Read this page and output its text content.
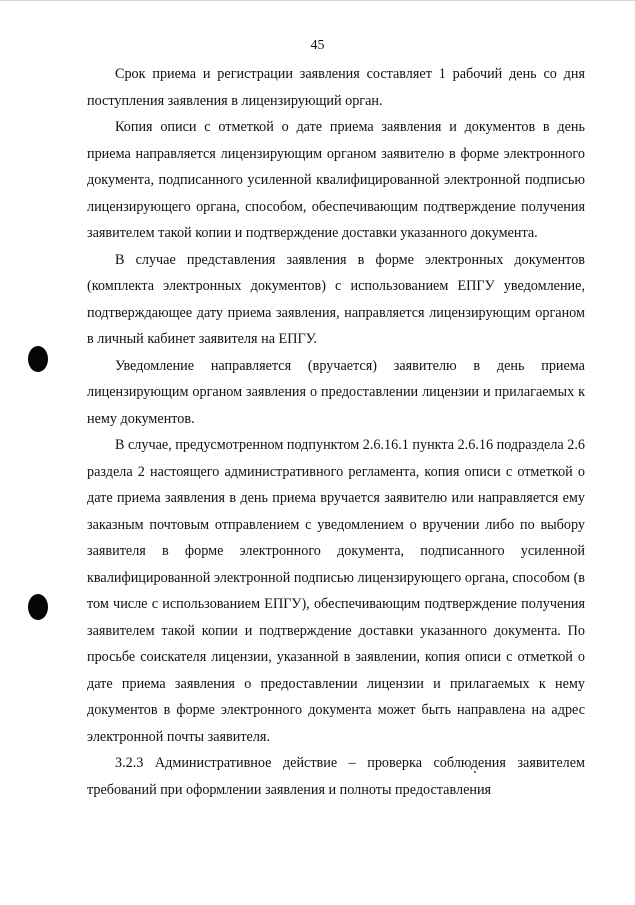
45

Срок приема и регистрации заявления составляет 1 рабочий день со дня поступления заявления в лицензирующий орган.

Копия описи с отметкой о дате приема заявления и документов в день приема направляется лицензирующим органом заявителю в форме электронного документа, подписанного усиленной квалифицированной электронной подписью лицензирующего органа, способом, обеспечивающим подтверждение получения заявителем такой копии и подтверждение доставки указанного документа.

В случае представления заявления в форме электронных документов (комплекта электронных документов) с использованием ЕПГУ уведомление, подтверждающее дату приема заявления, направляется лицензирующим органом в личный кабинет заявителя на ЕПГУ.

Уведомление направляется (вручается) заявителю в день приема лицензирующим органом заявления о предоставлении лицензии и прилагаемых к нему документов.

В случае, предусмотренном подпунктом 2.6.16.1 пункта 2.6.16 подраздела 2.6 раздела 2 настоящего административного регламента, копия описи с отметкой о дате приема заявления в день приема вручается заявителю или направляется ему заказным почтовым отправлением с уведомлением о вручении либо по выбору заявителя в форме электронного документа, подписанного усиленной квалифицированной электронной подписью лицензирующего органа, способом (в том числе с использованием ЕПГУ), обеспечивающим подтверждение получения заявителем такой копии и подтверждение доставки указанного документа. По просьбе соискателя лицензии, указанной в заявлении, копия описи с отметкой о дате приема заявления о предоставлении лицензии и прилагаемых к нему документов в форме электронного документа может быть направлена на адрес электронной почты заявителя.

3.2.3 Административное действие – проверка соблюдения заявителем требований при оформлении заявления и полноты предоставления
